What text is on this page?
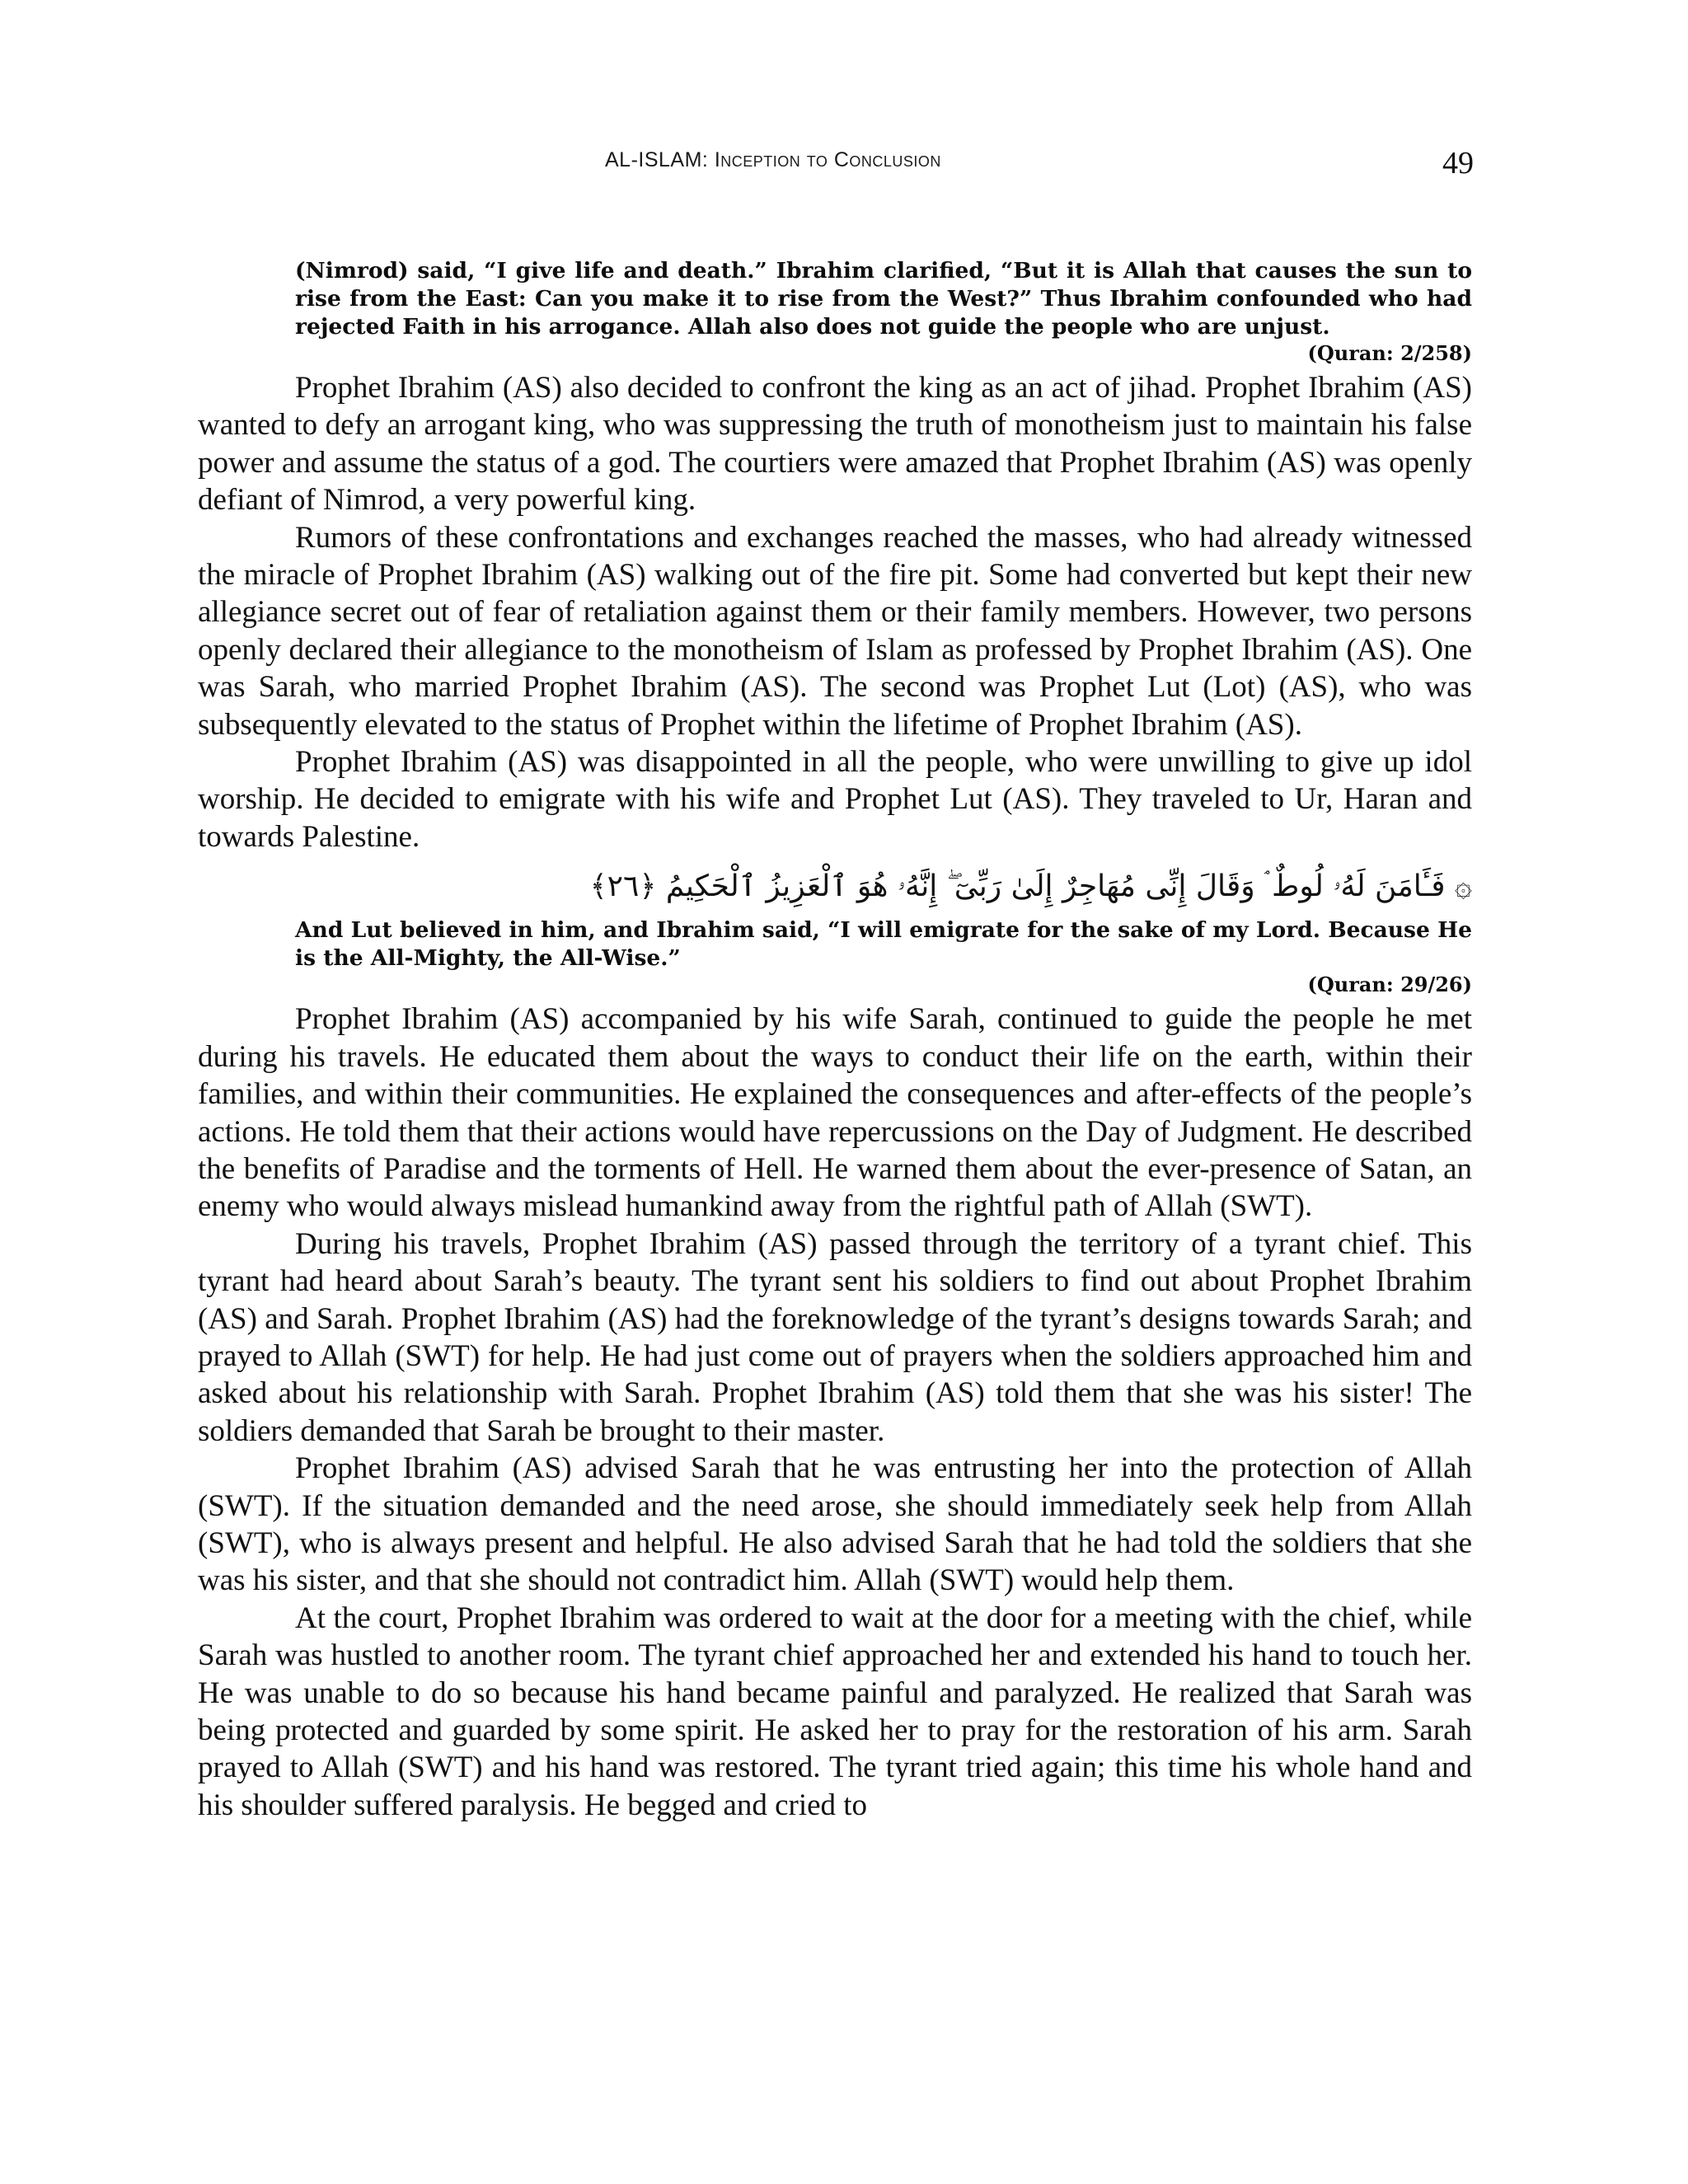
AL-ISLAM: Inception to Conclusion	49
(Nimrod) said, “I give life and death.” Ibrahim clarified, “But it is Allah that causes the sun to rise from the East: Can you make it to rise from the West?” Thus Ibrahim confounded who had rejected Faith in his arrogance. Allah also does not guide the people who are unjust.
(Quran: 2/258)

Prophet Ibrahim (AS) also decided to confront the king as an act of jihad. Prophet Ibrahim (AS) wanted to defy an arrogant king, who was suppressing the truth of monotheism just to maintain his false power and assume the status of a god. The courtiers were amazed that Prophet Ibrahim (AS) was openly defiant of Nimrod, a very powerful king.

Rumors of these confrontations and exchanges reached the masses, who had already witnessed the miracle of Prophet Ibrahim (AS) walking out of the fire pit. Some had converted but kept their new allegiance secret out of fear of retaliation against them or their family members. However, two persons openly declared their allegiance to the monotheism of Islam as professed by Prophet Ibrahim (AS). One was Sarah, who married Prophet Ibrahim (AS). The second was Prophet Lut (Lot) (AS), who was subsequently elevated to the status of Prophet within the lifetime of Prophet Ibrahim (AS).

Prophet Ibrahim (AS) was disappointed in all the people, who were unwilling to give up idol worship. He decided to emigrate with his wife and Prophet Lut (AS). They traveled to Ur, Haran and towards Palestine.

۞ فَـَٔامَنَ لَهُۥ لُوطٌ ۘ وَقَالَ إِنِّى مُهَاجِرٌ إِلَىٰ رَبِّىٓ ۖ إِنَّهُۥ هُوَ ٱلْعَزِيزُ ٱلْحَكِيمُ ﴿٢٦﴾
And Lut believed in him, and Ibrahim said, “I will emigrate for the sake of my Lord. Because He is the All-Mighty, the All-Wise.”
(Quran: 29/26)

Prophet Ibrahim (AS) accompanied by his wife Sarah, continued to guide the people he met during his travels. He educated them about the ways to conduct their life on the earth, within their families, and within their communities. He explained the consequences and after-effects of the people’s actions. He told them that their actions would have repercussions on the Day of Judgment. He described the benefits of Paradise and the torments of Hell. He warned them about the ever-presence of Satan, an enemy who would always mislead humankind away from the rightful path of Allah (SWT).

During his travels, Prophet Ibrahim (AS) passed through the territory of a tyrant chief. This tyrant had heard about Sarah’s beauty. The tyrant sent his soldiers to find out about Prophet Ibrahim (AS) and Sarah. Prophet Ibrahim (AS) had the foreknowledge of the tyrant’s designs towards Sarah; and prayed to Allah (SWT) for help. He had just come out of prayers when the soldiers approached him and asked about his relationship with Sarah. Prophet Ibrahim (AS) told them that she was his sister! The soldiers demanded that Sarah be brought to their master.

Prophet Ibrahim (AS) advised Sarah that he was entrusting her into the protection of Allah (SWT). If the situation demanded and the need arose, she should immediately seek help from Allah (SWT), who is always present and helpful. He also advised Sarah that he had told the soldiers that she was his sister, and that she should not contradict him. Allah (SWT) would help them.

At the court, Prophet Ibrahim was ordered to wait at the door for a meeting with the chief, while Sarah was hustled to another room. The tyrant chief approached her and extended his hand to touch her. He was unable to do so because his hand became painful and paralyzed. He realized that Sarah was being protected and guarded by some spirit. He asked her to pray for the restoration of his arm. Sarah prayed to Allah (SWT) and his hand was restored. The tyrant tried again; this time his whole hand and his shoulder suffered paralysis. He begged and cried to
